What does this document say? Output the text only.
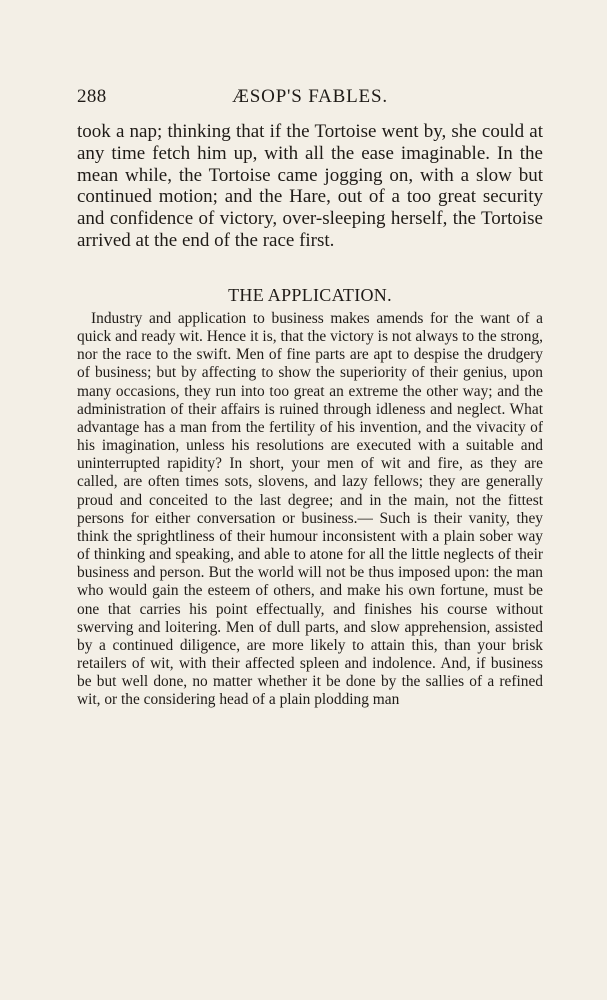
288	ÆSOP'S FABLES.

took a nap; thinking that if the Tortoise went by, she could at any time fetch him up, with all the ease imaginable. In the mean while, the Tortoise came jogging on, with a slow but continued motion; and the Hare, out of a too great security and confidence of victory, over-sleeping herself, the Tortoise arrived at the end of the race first.

THE APPLICATION.

Industry and application to business makes amends for the want of a quick and ready wit. Hence it is, that the victory is not always to the strong, nor the race to the swift. Men of fine parts are apt to despise the drudgery of business; but by affecting to show the superiority of their genius, upon many occasions, they run into too great an extreme the other way; and the administration of their affairs is ruined through idleness and neglect. What advantage has a man from the fertility of his invention, and the vivacity of his imagination, unless his resolutions are executed with a suitable and uninterrupted rapidity? In short, your men of wit and fire, as they are called, are often times sots, slovens, and lazy fellows; they are generally proud and conceited to the last degree; and in the main, not the fittest persons for either conversation or business.— Such is their vanity, they think the sprightliness of their humour inconsistent with a plain sober way of thinking and speaking, and able to atone for all the little neglects of their business and person. But the world will not be thus imposed upon: the man who would gain the esteem of others, and make his own fortune, must be one that carries his point effectually, and finishes his course without swerving and loitering. Men of dull parts, and slow apprehension, assisted by a continued diligence, are more likely to attain this, than your brisk retailers of wit, with their affected spleen and indolence. And, if business be but well done, no matter whether it be done by the sallies of a refined wit, or the considering head of a plain plodding man
